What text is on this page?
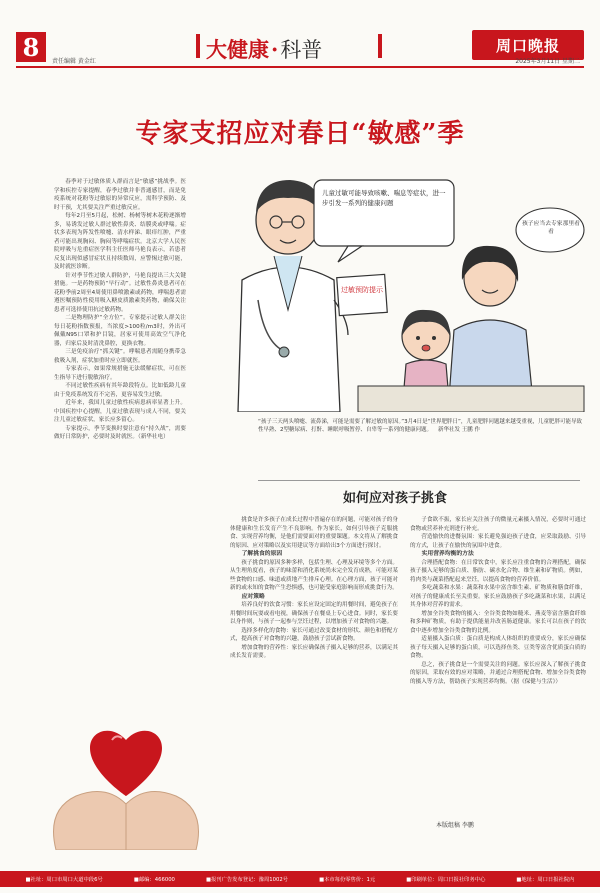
8	责任编辑 黄金红	大健康·科普	周口晚报
2025年3月11日 星期二
专家支招应对春日“敏感”季

春季对于过敏体质人群而言是“敏感”挑战季。医学和疾控专家提醒，春季过敏并非普通感冒，而是免疫系统对花粉等过敏原的异常反应，需科学预防、及时干预，尤其要关注严重过敏反应。

每年2月至5月起，松树、杨树等树木花粉逐渐增多，易诱发过敏人群过敏性鼻炎、结膜炎或哮喘。症状多表现为阵发性喷嚏、清水样涕、眼痒红肿，严重者可能出现胸闷、胸闷等哮喘症状。北京大学人民医院呼吸与危重症医学科主任医师马艳良表示，若患者反复出现似感冒症状且持续数周，应警惕过敏可能，及时就医诊断。

针对季节性过敏人群防护，马艳良提出三大关键措施。一是药物预防“早行动”。过敏性鼻炎患者可在花粉季前2周至4周使用鼻喷激素或药物，哮喘患者需遵医嘱预防性使用吸入糖皮质激素类药物，确保关注患者可选择使用抗过敏药物。

二是物理防护“全方位”。专家提示过敏人群关注每日花粉指数预报，当浓度>100粒/m3时，外出可佩戴N95口罩和护目镜，居家可使用高效空气净化器，归家后及时清洗鼻腔，更换衣物。

三是免疫治疗“抓关键”。哮喘患者需随身携带急救吸入剂，症状加重时应立即就医。

专家表示，如果常规措施无法缓解症状，可在医生指导下进行脱敏治疗。

不同过敏性疾病有其年龄段特点。比如低龄儿童由于免疫系统发育不完善，更容易发生过敏。

近年来，我国儿童过敏性疾病患病率显著上升。中国疾控中心提醒，儿童过敏表现与成人不同，要关注儿童过敏症状，家长应多留心。

专家提示，季节变换时要注意有“持久战”，需要做好日常防护，必要时及时就医。（新华社电）

过敏预防提示
儿童过敏可能导致咳嗽、喘息等症状，进一步引发一系列的健康问题
孩子应当去专家那里看看
“孩子三天两头喷嚏、流鼻涕，可能是需要了解过敏的原因。”3月4日是“世界肥胖日”，儿童肥胖问题越来越受重视，儿童肥胖可能导致性早熟、2型糖尿病、打鼾、睡眠呼吸暂停、自卑等一系列的健康问题。 新华社发 王鹏 作
如何应对孩子挑食

挑食是许多孩子在成长过程中普遍存在的问题，可能对孩子的身体健康和生长发育产生不良影响。作为家长，如何引导孩子克服挑食、实现营养均衡，是他们需要面对的重要课题。本文将从了解挑食的原因、应对策略以及实用建议等方面给出3个方面进行探讨。

了解挑食的原因

孩子挑食的原因多种多样，包括生理、心理及环境等多个方面。从生理角度看，孩子的味蕾和消化系统尚未完全发育成熟，可能对某些食物的口感、味道或质地产生排斥心理。在心理方面，孩子可能对新的或未知的食物产生恐惧感，也可能受家庭影响而形成挑食行为。

应对策略

培养良好的饮食习惯：家长应设定固定的用餐时间，避免孩子在用餐时间玩耍或看电视，确保孩子在餐桌上专心进食。同时，家长要以身作则，与孩子一起参与烹饪过程，以增加孩子对食物的兴趣。

选择多样化的食物：家长可通过改变食材的形状、颜色和搭配方式，提高孩子对食物的兴趣，鼓励孩子尝试新食物。

增加食物的营养性：家长应确保孩子摄入足够的营养，以满足其成长发育需要。

子食欲不振，家长应关注孩子的微量元素摄入情况，必要时可通过食物或营养补充剂进行补充。

营造愉快的进餐氛围：家长避免强迫孩子进食，应采取鼓励、引导的方式，让孩子在愉快的氛围中进食。

实用营养均衡的方法

合理搭配食物：在日常饮食中，家长应注重食物的合理搭配，确保孩子摄入足够的蛋白质、脂肪、碳水化合物、维生素和矿物质。例如，将肉类与蔬菜搭配起来烹饪，以提高食物的营养价值。

多吃蔬菜和水果：蔬菜和水果中富含维生素、矿物质和膳食纤维，对孩子的健康成长至关重要。家长应鼓励孩子多吃蔬菜和水果，以满足其身体对营养的需求。

增加全谷类食物的摄入：全谷类食物如糙米、燕麦等富含膳食纤维和多种矿物质，有助于提供能量并改善肠道健康。家长可以在孩子的饮食中逐步增加全谷类食物的比例。

适量摄入蛋白质：蛋白质是构成人体组织的重要成分，家长应确保孩子每天摄入足够的蛋白质，可以选择鱼类、豆类等富含优质蛋白质的食物。

总之，孩子挑食是一个需要关注的问题。家长应深入了解孩子挑食的原因，采取有效的应对策略，并通过合理搭配食物、增加全谷类食物的摄入等方法，帮助孩子实现营养均衡。（据《保健与生活》）

本版组稿 李鹏
■社址：周口市周口大道中段6号	■邮编：466000	■报刊广告发布登记：豫周1002号	■本市每份零售价：1元	■印刷单位：周口日报社印务中心	■地址：周口日报社院内
